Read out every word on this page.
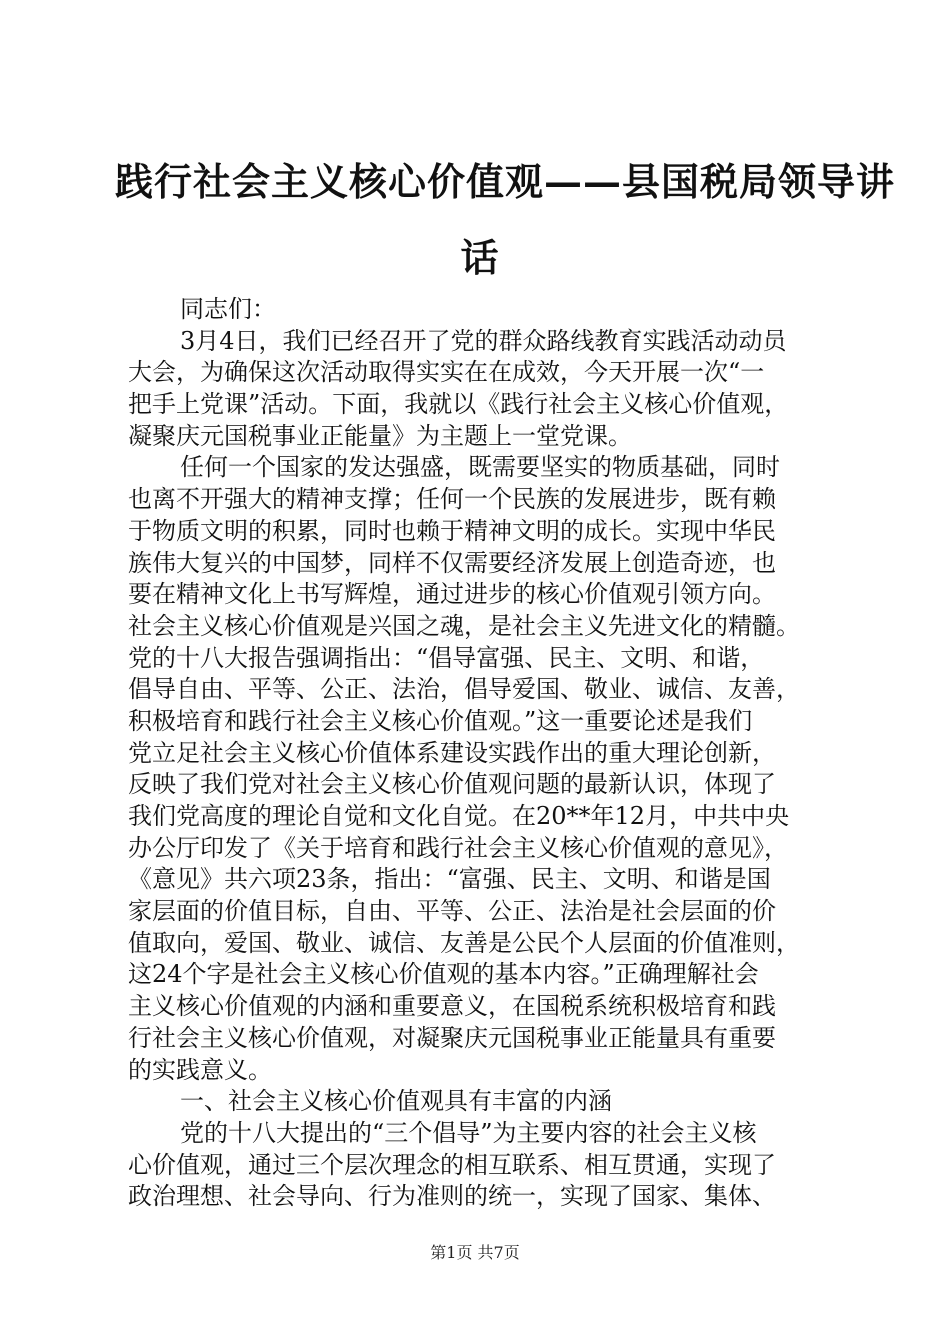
践行社会主义核心价值观——县国税局领导讲
话
同志们：
3月4日，我们已经召开了党的群众路线教育实践活动动员
大会，为确保这次活动取得实实在在成效，今天开展一次“一
把手上党课”活动。下面，我就以《践行社会主义核心价值观，
凝聚庆元国税事业正能量》为主题上一堂党课。
任何一个国家的发达强盛，既需要坚实的物质基础，同时
也离不开强大的精神支撑；任何一个民族的发展进步，既有赖
于物质文明的积累，同时也赖于精神文明的成长。实现中华民
族伟大复兴的中国梦，同样不仅需要经济发展上创造奇迹，也
要在精神文化上书写辉煌，通过进步的核心价值观引领方向。
社会主义核心价值观是兴国之魂，是社会主义先进文化的精髓。
党的十八大报告强调指出：“倡导富强、民主、文明、和谐，
倡导自由、平等、公正、法治，倡导爱国、敬业、诚信、友善，
积极培育和践行社会主义核心价值观。”这一重要论述是我们
党立足社会主义核心价值体系建设实践作出的重大理论创新，
反映了我们党对社会主义核心价值观问题的最新认识，体现了
我们党高度的理论自觉和文化自觉。在20**年12月，中共中央
办公厅印发了《关于培育和践行社会主义核心价值观的意见》，
《意见》共六项23条，指出：“富强、民主、文明、和谐是国
家层面的价值目标，自由、平等、公正、法治是社会层面的价
值取向，爱国、敬业、诚信、友善是公民个人层面的价值准则，
这24个字是社会主义核心价值观的基本内容。”正确理解社会
主义核心价值观的内涵和重要意义，在国税系统积极培育和践
行社会主义核心价值观，对凝聚庆元国税事业正能量具有重要
的实践意义。
一、社会主义核心价值观具有丰富的内涵
党的十八大提出的“三个倡导”为主要内容的社会主义核
心价值观，通过三个层次理念的相互联系、相互贯通，实现了
政治理想、社会导向、行为准则的统一，实现了国家、集体、
第1页 共7页
